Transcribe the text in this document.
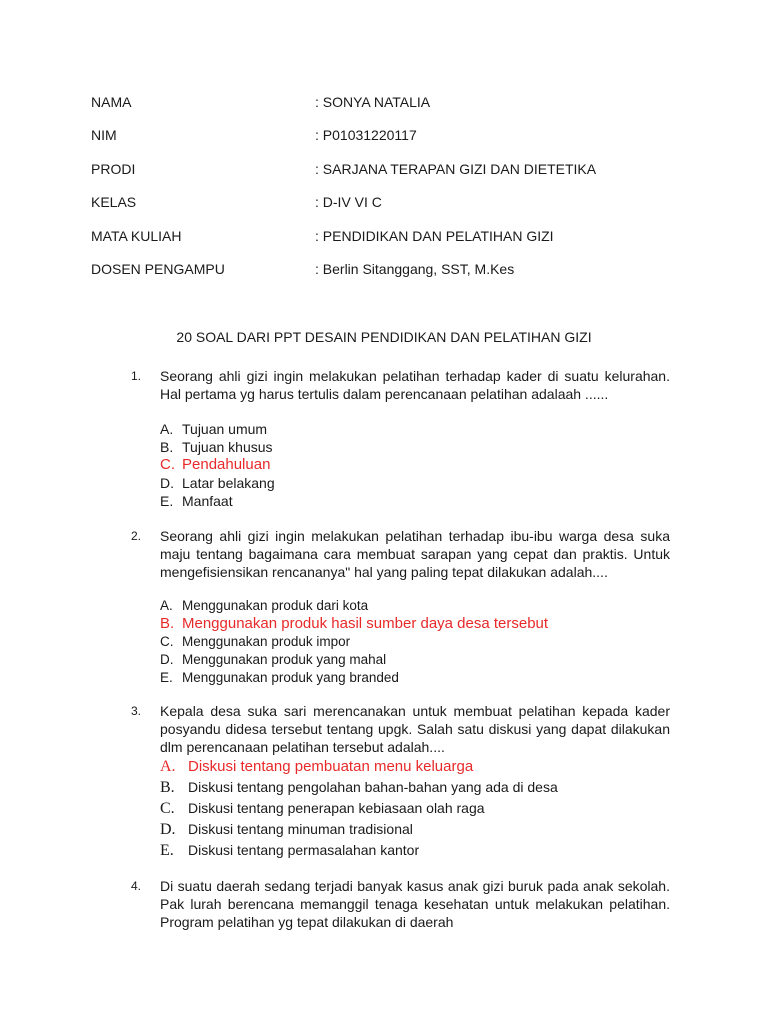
NAMA	: SONYA NATALIA
NIM	: P01031220117
PRODI	: SARJANA TERAPAN GIZI DAN DIETETIKA
KELAS	: D-IV VI C
MATA KULIAH	: PENDIDIKAN DAN PELATIHAN GIZI
DOSEN PENGAMPU	: Berlin Sitanggang, SST, M.Kes
20 SOAL DARI PPT DESAIN PENDIDIKAN DAN PELATIHAN GIZI
1. Seorang ahli gizi ingin melakukan pelatihan terhadap kader di suatu kelurahan. Hal pertama yg harus tertulis dalam perencanaan pelatihan adalaah ......
A. Tujuan umum
B. Tujuan khusus
C. Pendahuluan
D. Latar belakang
E. Manfaat
2. Seorang ahli gizi ingin melakukan pelatihan terhadap ibu-ibu warga desa suka maju tentang bagaimana cara membuat sarapan yang cepat dan praktis. Untuk mengefisiensikan rencananya" hal yang paling tepat dilakukan adalah....
A. Menggunakan produk dari kota
B. Menggunakan produk hasil sumber daya desa tersebut
C. Menggunakan produk impor
D. Menggunakan produk yang mahal
E. Menggunakan produk yang branded
3. Kepala desa suka sari merencanakan untuk membuat pelatihan kepada kader posyandu didesa tersebut tentang upgk. Salah satu diskusi yang dapat dilakukan dlm perencanaan pelatihan tersebut adalah....
A. Diskusi tentang pembuatan menu keluarga
B. Diskusi tentang pengolahan bahan-bahan yang ada di desa
C. Diskusi tentang penerapan kebiasaan olah raga
D. Diskusi tentang minuman tradisional
E. Diskusi tentang permasalahan kantor
4. Di suatu daerah sedang terjadi banyak kasus anak gizi buruk pada anak sekolah. Pak lurah berencana memanggil tenaga kesehatan untuk melakukan pelatihan. Program pelatihan yg tepat dilakukan di daerah
